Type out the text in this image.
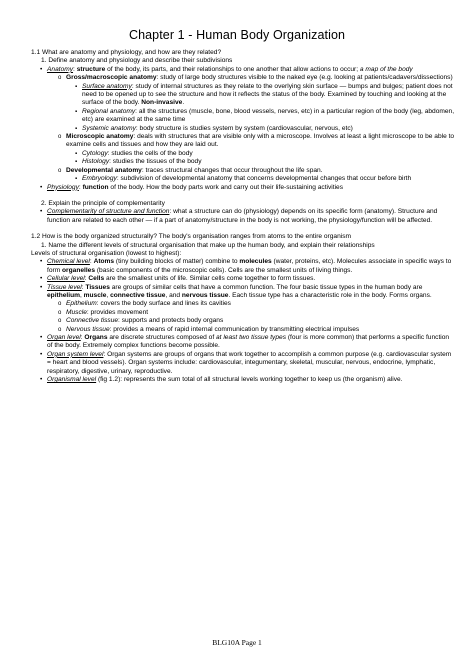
Chapter 1 - Human Body Organization

1.1 What are anatomy and physiology, and how are they related?

1. Define anatomy and physiology and describe their subdivisions

• Anatomy: structure of the body, its parts, and their relationships to one another that allow actions to occur; a map of the body
o Gross/macroscopic anatomy: study of large body structures visible to the naked eye (e.g. looking at patients/cadavers/dissections)
▪ Surface anatomy: study of internal structures as they relate to the overlying skin surface — bumps and bulges; patient does not need to be opened up to see the structure and how it reflects the status of the body. Examined by touching and looking at the surface of the body. Non-invasive.
▪ Regional anatomy: all the structures (muscle, bone, blood vessels, nerves, etc) in a particular region of the body (leg, abdomen, etc) are examined at the same time
▪ Systemic anatomy: body structure is studies system by system (cardiovascular, nervous, etc)
o Microscopic anatomy: deals with structures that are visible only with a microscope. Involves at least a light microscope to be able to examine cells and tissues and how they are laid out.
▪ Cytology: studies the cells of the body
▪ Histology: studies the tissues of the body
o Developmental anatomy: traces structural changes that occur throughout the life span.
▪ Embryology: subdivision of developmental anatomy that concerns developmental changes that occur before birth
• Physiology: function of the body. How the body parts work and carry out their life-sustaining activities

2. Explain the principle of complementarity

• Complementarity of structure and function: what a structure can do (physiology) depends on its specific form (anatomy). Structure and function are related to each other — if a part of anatomy/structure in the body is not working, the physiology/function will be affected.

1.2 How is the body organized structurally? The body's organisation ranges from atoms to the entire organism

1. Name the different levels of structural organisation that make up the human body, and explain their relationships

Levels of structural organisation (lowest to highest):

• Chemical level: Atoms (tiny building blocks of matter) combine to molecules (water, proteins, etc). Molecules associate in specific ways to form organelles (basic components of the microscopic cells). Cells are the smallest units of living things.
• Cellular level: Cells are the smallest units of life. Similar cells come together to form tissues.
• Tissue level: Tissues are groups of similar cells that have a common function. The four basic tissue types in the human body are epithelium, muscle, connective tissue, and nervous tissue. Each tissue type has a characteristic role in the body. Forms organs.
o Epithelium: covers the body surface and lines its cavities
o Muscle: provides movement
o Connective tissue: supports and protects body organs
o Nervous tissue: provides a means of rapid internal communication by transmitting electrical impulses
• Organ level: Organs are discrete structures composed of at least two tissue types (four is more common) that performs a specific function of the body. Extremely complex functions become possible.
• Organ system level: Organ systems are groups of organs that work together to accomplish a common purpose (e.g. cardiovascular system = heart and blood vessels). Organ systems include: cardiovascular, integumentary, skeletal, muscular, nervous, endocrine, lymphatic, respiratory, digestive, urinary, reproductive.
• Organismal level (fig 1.2): represents the sum total of all structural levels working together to keep us (the organism) alive.
BLG10A Page 1
